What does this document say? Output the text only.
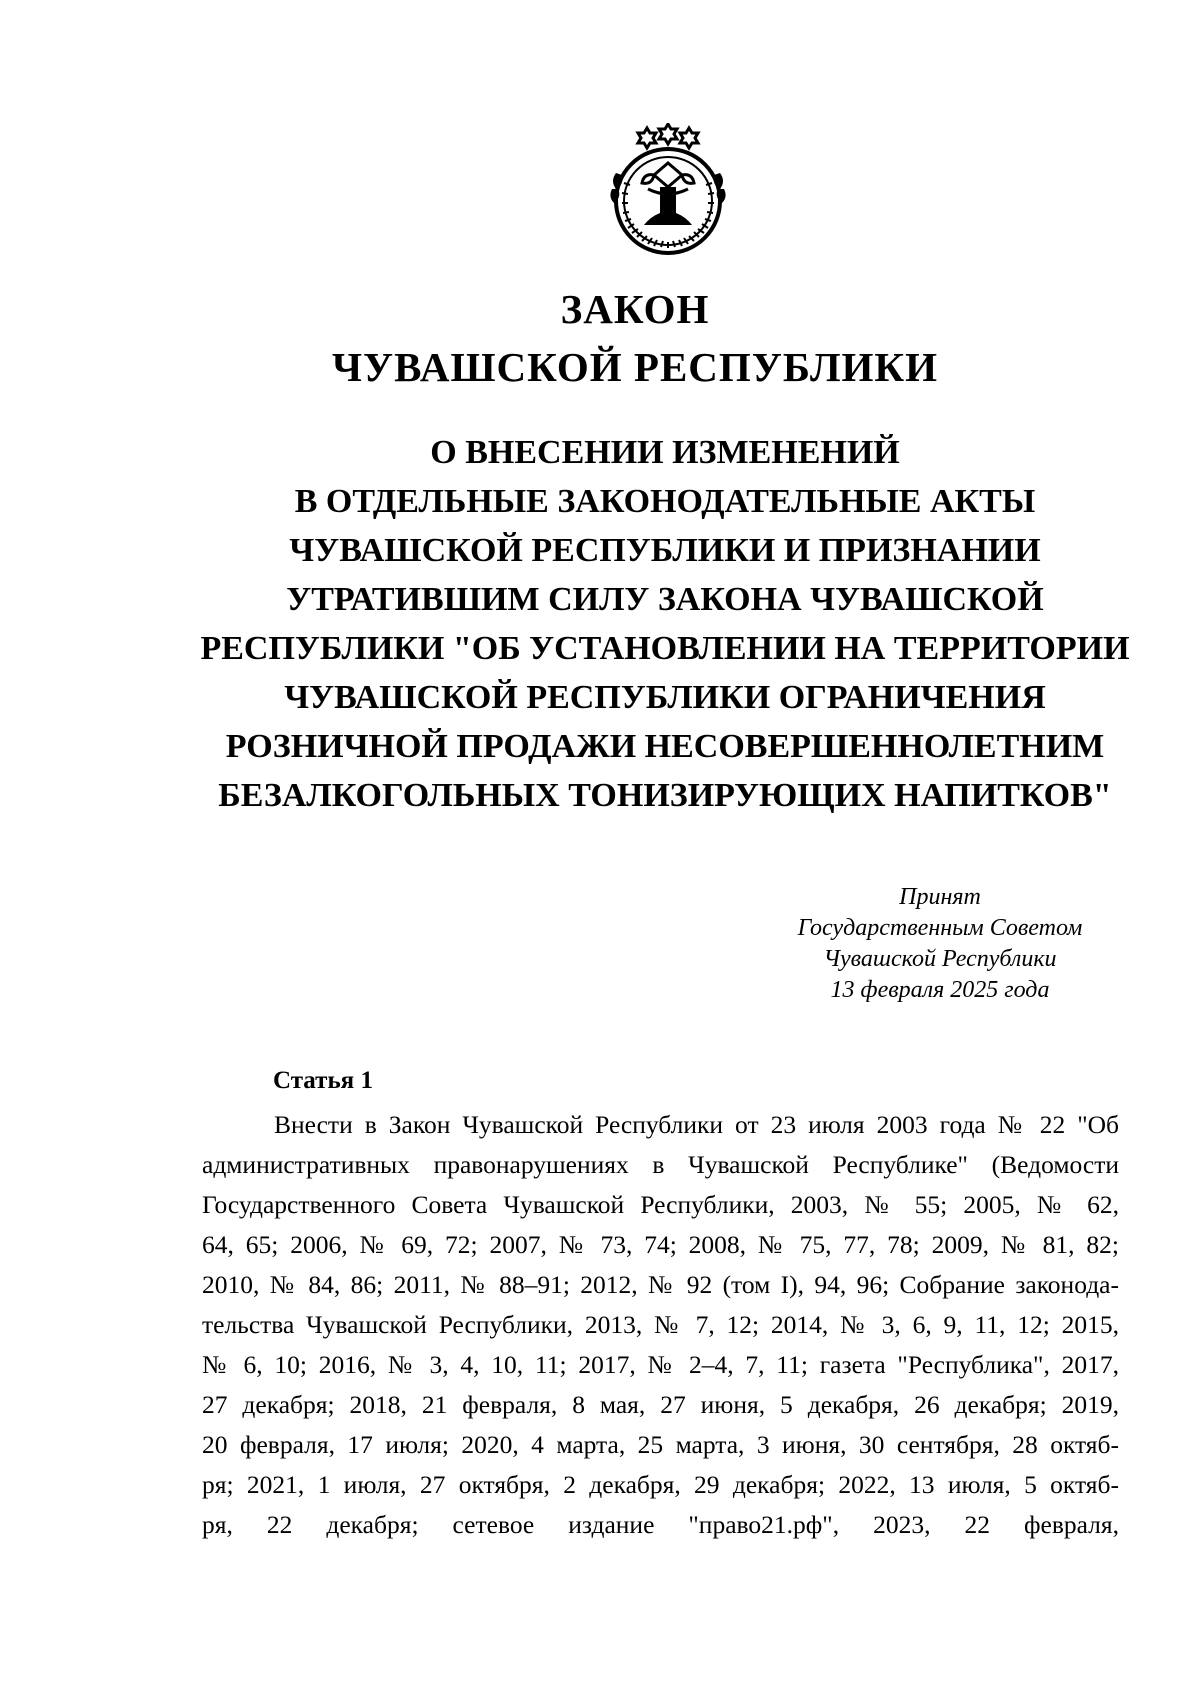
ЗАКОН
ЧУВАШСКОЙ РЕСПУБЛИКИ
О ВНЕСЕНИИ ИЗМЕНЕНИЙ
В ОТДЕЛЬНЫЕ ЗАКОНОДАТЕЛЬНЫЕ АКТЫ
ЧУВАШСКОЙ РЕСПУБЛИКИ И ПРИЗНАНИИ
УТРАТИВШИМ СИЛУ ЗАКОНА ЧУВАШСКОЙ
РЕСПУБЛИКИ "ОБ УСТАНОВЛЕНИИ НА ТЕРРИТОРИИ
ЧУВАШСКОЙ РЕСПУБЛИКИ ОГРАНИЧЕНИЯ
РОЗНИЧНОЙ ПРОДАЖИ НЕСОВЕРШЕННОЛЕТНИМ
БЕЗАЛКОГОЛЬНЫХ ТОНИЗИРУЮЩИХ НАПИТКОВ"
Принят
Государственным Советом
Чувашской Республики
13 февраля 2025 года
Статья 1
Внести в Закон Чувашской Республики от 23 июля 2003 года № 22 "Об
административных правонарушениях в Чувашской Республике" (Ведомости
Государственного Совета Чувашской Республики, 2003, № 55; 2005, № 62,
64, 65; 2006, № 69, 72; 2007, № 73, 74; 2008, № 75, 77, 78; 2009, № 81, 82;
2010, № 84, 86; 2011, № 88–91; 2012, № 92 (том I), 94, 96; Собрание законода-
тельства Чувашской Республики, 2013, № 7, 12; 2014, № 3, 6, 9, 11, 12; 2015,
№ 6, 10; 2016, № 3, 4, 10, 11; 2017, № 2–4, 7, 11; газета "Республика", 2017,
27 декабря; 2018, 21 февраля, 8 мая, 27 июня, 5 декабря, 26 декабря; 2019,
20 февраля, 17 июля; 2020, 4 марта, 25 марта, 3 июня, 30 сентября, 28 октяб-
ря; 2021, 1 июля, 27 октября, 2 декабря, 29 декабря; 2022, 13 июля, 5 октяб-
ря, 22 декабря; сетевое издание "право21.рф", 2023, 22 февраля,
